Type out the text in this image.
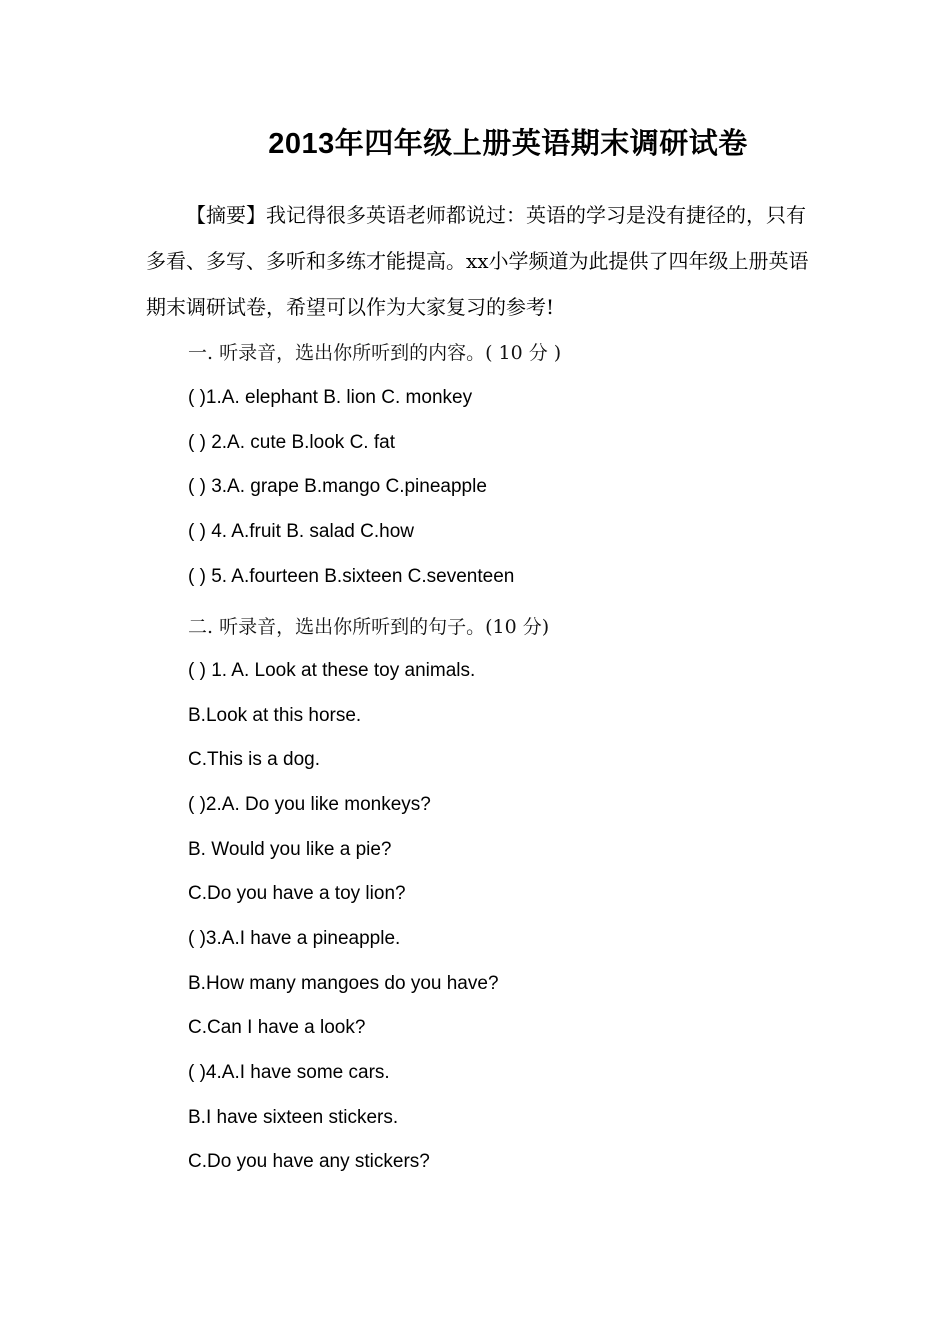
2013年四年级上册英语期末调研试卷
【摘要】我记得很多英语老师都说过：英语的学习是没有捷径的，只有多看、多写、多听和多练才能提高。xx小学频道为此提供了四年级上册英语期末调研试卷，希望可以作为大家复习的参考!
一. 听录音，选出你所听到的内容。( 10 分 )
( )1.A. elephant B. lion C. monkey
( ) 2.A. cute B.look C. fat
( ) 3.A. grape B.mango C.pineapple
( ) 4. A.fruit B. salad C.how
( ) 5. A.fourteen B.sixteen C.seventeen
二. 听录音，选出你所听到的句子。(10 分)
( ) 1. A. Look at these toy animals.
B.Look at this horse.
C.This is a dog.
( )2.A. Do you like monkeys?
B. Would you like a pie?
C.Do you have a toy lion?
( )3.A.I have a pineapple.
B.How many mangoes do you have?
C.Can I have a look?
( )4.A.I have some cars.
B.I have sixteen stickers.
C.Do you have any stickers?
